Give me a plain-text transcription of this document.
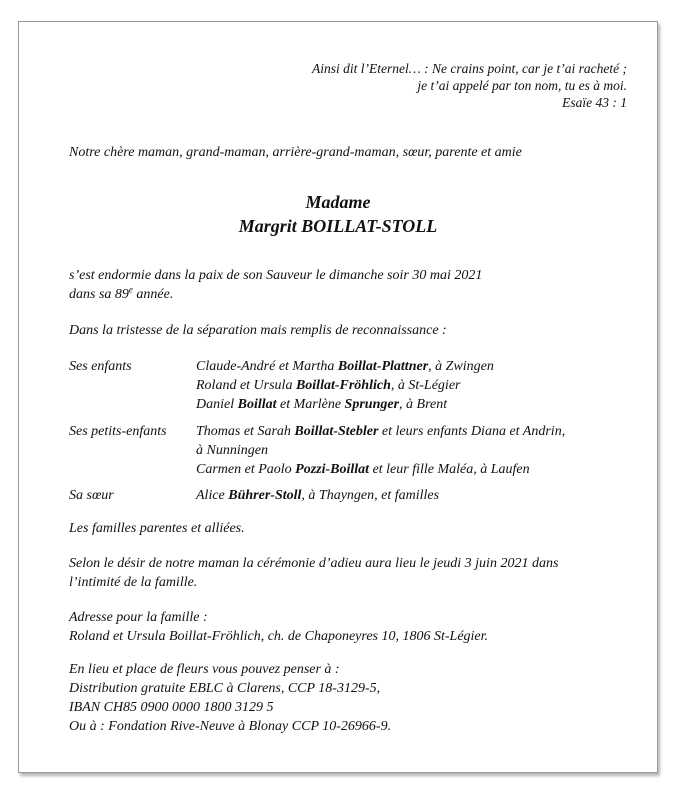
Ainsi dit l’Eternel… : Ne crains point, car je t’ai racheté ;
je t’ai appelé par ton nom, tu es à moi.
Esaïe 43 : 1
Notre chère maman, grand-maman, arrière-grand-maman, sœur, parente et amie
Madame
Margrit BOILLAT-STOLL
s’est endormie dans la paix de son Sauveur le dimanche soir 30 mai 2021
dans sa 89e année.
Dans la tristesse de la séparation mais remplis de reconnaissance :
Ses enfants	Claude-André et Martha Boillat-Plattner, à Zwingen
Roland et Ursula Boillat-Fröhlich, à St-Légier
Daniel Boillat et Marlène Sprunger, à Brent
Ses petits-enfants Thomas et Sarah Boillat-Stebler et leurs enfants Diana et Andrin,
à Nunningen
Carmen et Paolo Pozzi-Boillat et leur fille Maléa, à Laufen
Sa sœur	Alice Bührer-Stoll, à Thayngen, et familles
Les familles parentes et alliées.
Selon le désir de notre maman la cérémonie d’adieu aura lieu le jeudi 3 juin 2021 dans
l’intimité de la famille.
Adresse pour la famille :
Roland et Ursula Boillat-Fröhlich, ch. de Chaponeyres 10, 1806 St-Légier.
En lieu et place de fleurs vous pouvez penser à :
Distribution gratuite EBLC à Clarens, CCP 18-3129-5,
IBAN CH85 0900 0000 1800 3129 5
Ou à : Fondation Rive-Neuve à Blonay CCP 10-26966-9.
